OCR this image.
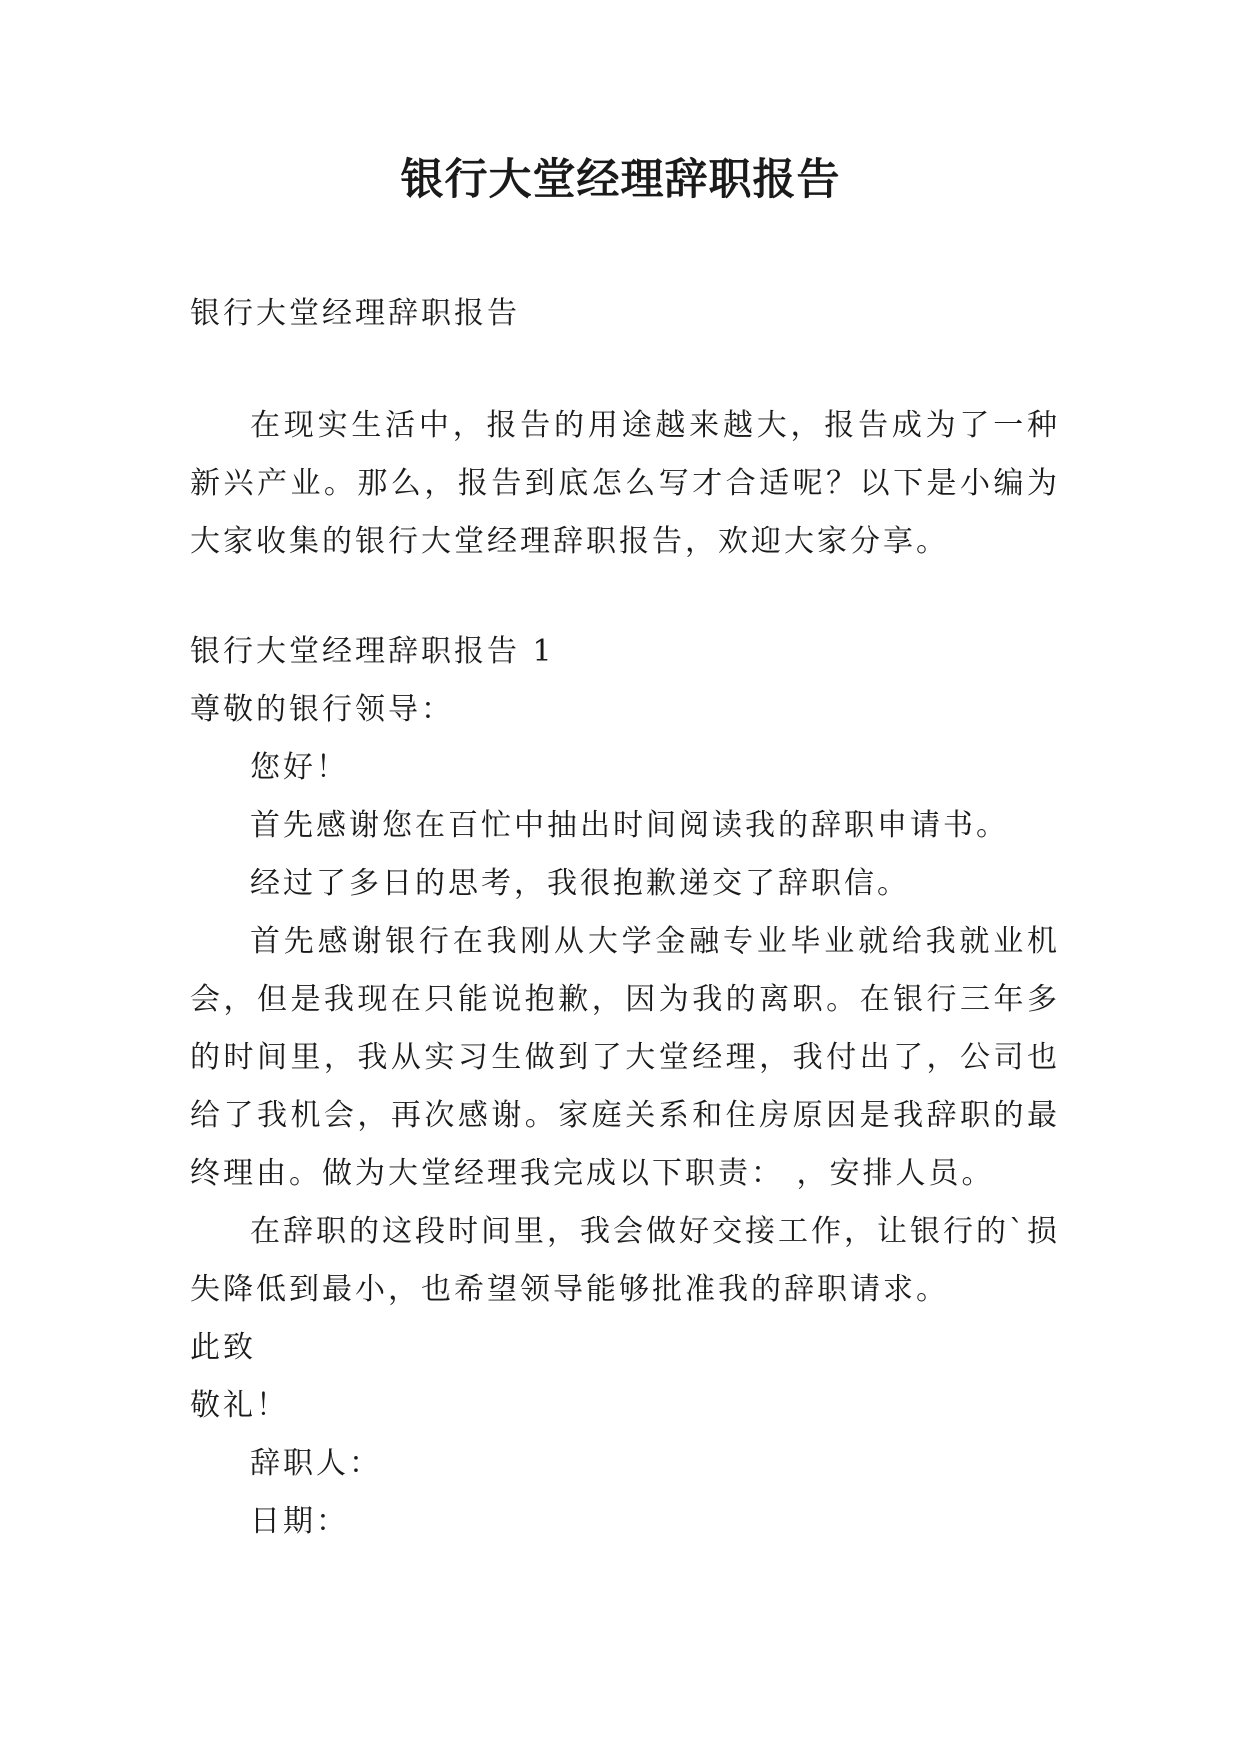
银行大堂经理辞职报告

银行大堂经理辞职报告

在现实生活中，报告的用途越来越大，报告成为了一种新兴产业。那么，报告到底怎么写才合适呢？以下是小编为大家收集的银行大堂经理辞职报告，欢迎大家分享。

银行大堂经理辞职报告 1

尊敬的银行领导：

您好！

首先感谢您在百忙中抽出时间阅读我的辞职申请书。

经过了多日的思考，我很抱歉递交了辞职信。

首先感谢银行在我刚从大学金融专业毕业就给我就业机会，但是我现在只能说抱歉，因为我的离职。在银行三年多的时间里，我从实习生做到了大堂经理，我付出了，公司也给了我机会，再次感谢。家庭关系和住房原因是我辞职的最终理由。做为大堂经理我完成以下职责： ，安排人员。

在辞职的这段时间里，我会做好交接工作，让银行的`损失降低到最小，也希望领导能够批准我的辞职请求。

此致

敬礼！

辞职人：

日期：
